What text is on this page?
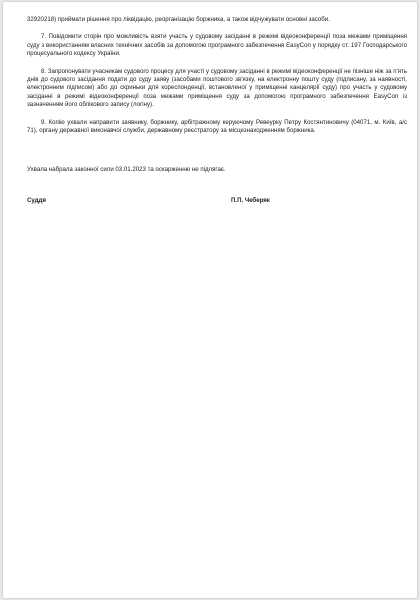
32920218) приймати рішення про ліквідацію, реорганізацію боржника, а також відчужувати основні засоби.

7. Повідомити сторін про можливість взяти участь у судовому засіданні в режимі відеоконференції поза межами приміщення суду з використанням власних технічних засобів за допомогою програмного забезпечення EasyCon у порядку ст. 197 Господарського процесуального кодексу України.

8. Запропонувати учасникам судового процесу для участі у судовому засіданні в режимі відеоконференції не пізніше ніж за п'ять днів до судового засідання подати до суду заяву (засобами поштового зв'язку, на електронну пошту суду (підписану, за наявності, електронним підписом) або до скриньки для кореспонденції, встановленої у приміщенні канцелярії суду) про участь у судовому засіданні в режимі відеоконференції поза межами приміщення суду за допомогою програмного забезпечення EasyCon із зазначенням його облікового запису (логіну).

9. Копію ухвали направити заявнику, боржнику, арбітражному керуючому Ревеурку Петру Костянтиновичу (04071, м. Київ, а/с 71), органу державної виконавчої служби, державному реєстратору за місцезнаходженням боржника.

Ухвала набрала законної сили 03.01.2023 та оскарженню не підлягає.

Суддя	П.П. Чеберяк
